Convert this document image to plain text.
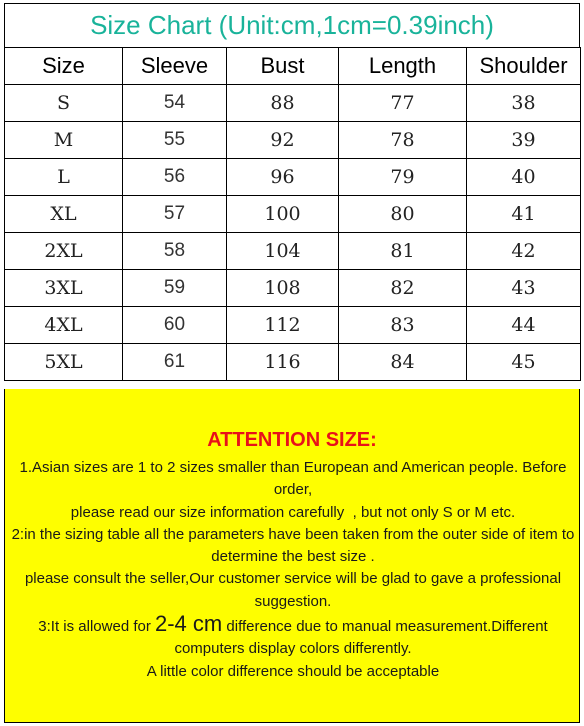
Size Chart (Unit:cm,1cm=0.39inch)
Size	Sleeve	Bust	Length	Shoulder
S	54	88	77	38
M	55	92	78	39
L	56	96	79	40
XL	57	100	80	41
2XL	58	104	81	42
3XL	59	108	82	43
4XL	60	112	83	44
5XL	61	116	84	45
ATTENTION SIZE:

1.Asian sizes are 1 to 2 sizes smaller than European and American people. Before order,

please read our size information carefully  , but not only S or M etc.

2:in the sizing table all the parameters have been taken from the outer side of item to determine the best size .

please consult the seller,Our customer service will be glad to gave a professional suggestion.

3:It is allowed for 2-4 cm difference due to manual measurement.Different computers display colors differently.

A little color difference should be acceptable
